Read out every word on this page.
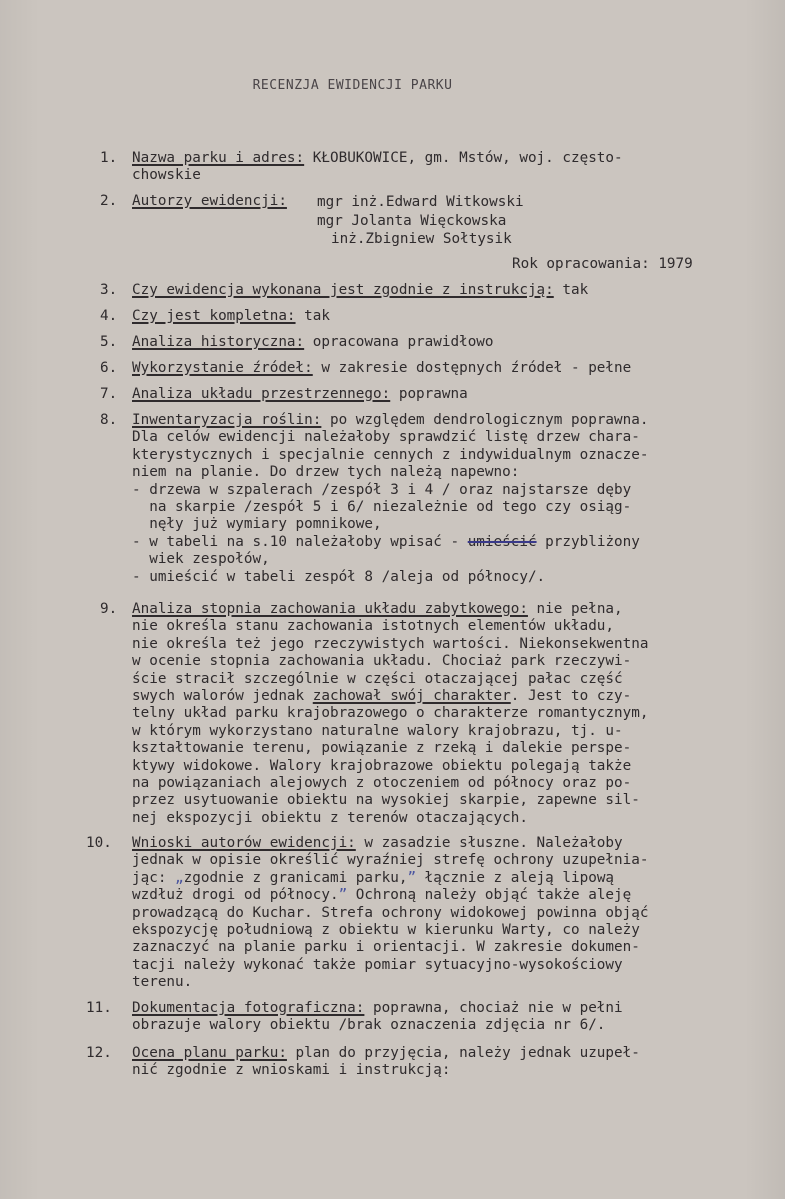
RECENZJA EWIDENCJI PARKU
1.	Nazwa parku i adres: KŁOBUKOWICE, gm. Mstów, woj. często-
chowskie
2.	Autorzy ewidencji:	mgr inż.Edward Witkowski
mgr Jolanta Więckowska
inż.Zbigniew Sołtysik
Rok opracowania: 1979
3.	Czy ewidencja wykonana jest zgodnie z instrukcją: tak
4.	Czy jest kompletna: tak
5.	Analiza historyczna: opracowana prawidłowo
6.	Wykorzystanie źródeł: w zakresie dostępnych źródeł - pełne
7.	Analiza układu przestrzennego: poprawna
8.	Inwentaryzacja roślin: po względem dendrologicznym poprawna.
Dla celów ewidencji należałoby sprawdzić listę drzew chara-
kterystycznych i specjalnie cennych z indywidualnym oznacze-
niem na planie. Do drzew tych należą napewno:
- drzewa w szpalerach /zespół 3 i 4 / oraz najstarsze dęby
na skarpie /zespół 5 i 6/ niezależnie od tego czy osiąg-
nęły już wymiary pomnikowe,
- w tabeli na s.10 należałoby wpisać - umieścić przybliżony
wiek zespołów,
- umieścić w tabeli zespół 8 /aleja od północy/.
9.	Analiza stopnia zachowania układu zabytkowego: nie pełna,
nie określa stanu zachowania istotnych elementów układu,
nie określa też jego rzeczywistych wartości. Niekonsekwentna
w ocenie stopnia zachowania układu. Chociaż park rzeczywi-
ście stracił szczególnie w części otaczającej pałac część
swych walorów jednak zachował swój charakter. Jest to czy-
telny układ parku krajobrazowego o charakterze romantycznym,
w którym wykorzystano naturalne walory krajobrazu, tj. u-
kształtowanie terenu, powiązanie z rzeką i dalekie perspe-
ktywy widokowe. Walory krajobrazowe obiektu polegają także
na powiązaniach alejowych z otoczeniem od północy oraz po-
przez usytuowanie obiektu na wysokiej skarpie, zapewne sil-
nej ekspozycji obiektu z terenów otaczających.
10. Wnioski autorów ewidencji: w zasadzie słuszne. Należałoby
jednak w opisie określić wyraźniej strefę ochrony uzupełnia-
jąc: „zgodnie z granicami parku,” łącznie z aleją lipową
wzdłuż drogi od północy.” Ochroną należy objąć także aleję
prowadzącą do Kuchar. Strefa ochrony widokowej powinna objąć
ekspozycję południową z obiektu w kierunku Warty, co należy
zaznaczyć na planie parku i orientacji. W zakresie dokumen-
tacji należy wykonać także pomiar sytuacyjno-wysokościowy
terenu.
11. Dokumentacja fotograficzna: poprawna, chociaż nie w pełni
obrazuje walory obiektu /brak oznaczenia zdjęcia nr 6/.
12. Ocena planu parku: plan do przyjęcia, należy jednak uzupeł-
nić zgodnie z wnioskami i instrukcją:
